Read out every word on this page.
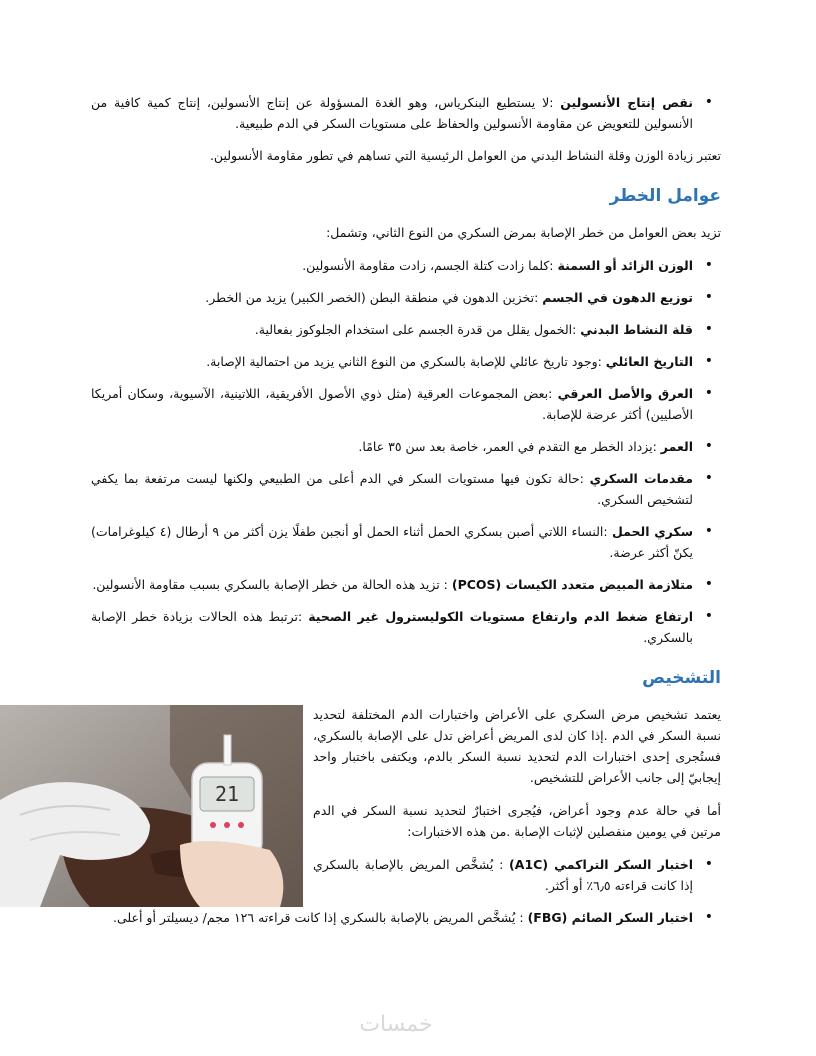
• نقص إنتاج الأنسولين :لا يستطيع البنكرياس، وهو الغدة المسؤولة عن إنتاج الأنسولين، إنتاج كمية كافية من الأنسولين للتعويض عن مقاومة الأنسولين والحفاظ على مستويات السكر في الدم طبيعية.

تعتبر زيادة الوزن وقلة النشاط البدني من العوامل الرئيسية التي تساهم في تطور مقاومة الأنسولين.

عوامل الخطر

تزيد بعض العوامل من خطر الإصابة بمرض السكري من النوع الثاني، وتشمل:

• الوزن الزائد أو السمنة :كلما زادت كتلة الجسم، زادت مقاومة الأنسولين.
• توزيع الدهون في الجسم :تخزين الدهون في منطقة البطن (الخصر الكبير) يزيد من الخطر.
• قلة النشاط البدني :الخمول يقلل من قدرة الجسم على استخدام الجلوكوز بفعالية.
• التاريخ العائلي :وجود تاريخ عائلي للإصابة بالسكري من النوع الثاني يزيد من احتمالية الإصابة.
• العرق والأصل العرقي :بعض المجموعات العرقية (مثل ذوي الأصول الأفريقية، اللاتينية، الآسيوية، وسكان أمريكا الأصليين) أكثر عرضة للإصابة.
• العمر :يزداد الخطر مع التقدم في العمر، خاصة بعد سن ٣٥ عامًا.
• مقدمات السكري :حالة تكون فيها مستويات السكر في الدم أعلى من الطبيعي ولكنها ليست مرتفعة بما يكفي لتشخيص السكري.
• سكري الحمل :النساء اللاتي أصبن بسكري الحمل أثناء الحمل أو أنجبن طفلًا يزن أكثر من ٩ أرطال (٤ كيلوغرامات) يكنّ أكثر عرضة.
• متلازمة المبيض متعدد الكيسات (PCOS) : تزيد هذه الحالة من خطر الإصابة بالسكري بسبب مقاومة الأنسولين.
• ارتفاع ضغط الدم وارتفاع مستويات الكوليسترول غير الصحية :ترتبط هذه الحالات بزيادة خطر الإصابة بالسكري.
التشخيص

يعتمد تشخيص مرض السكري على الأعراض واختبارات الدم المختلفة لتحديد نسبة السكر في الدم .إذا كان لدى المريض أعراض تدل على الإصابة بالسكري، فستُجرى إحدى اختبارات الدم لتحديد نسبة السكر بالدم، ويكتفى باختبار واحد إيجابيّ إلى جانب الأعراض للتشخيص.

أما في حالة عدم وجود أعراض، فيُجرى اختبارٌ لتحديد نسبة السكر في الدم مرتين في يومين منفصلين لإثبات الإصابة .من هذه الاختبارات:

• اختبار السكر التراكمي (A1C) : يُشخَّص المريض بالإصابة بالسكري إذا كانت قراءته ٦٫٥٪ أو أكثر.
• اختبار السكر الصائم (FBG) : يُشخَّص المريض بالإصابة بالسكري إذا كانت قراءته ١٢٦ مجم/ ديسيلتر أو أعلى.
21
خمسات
